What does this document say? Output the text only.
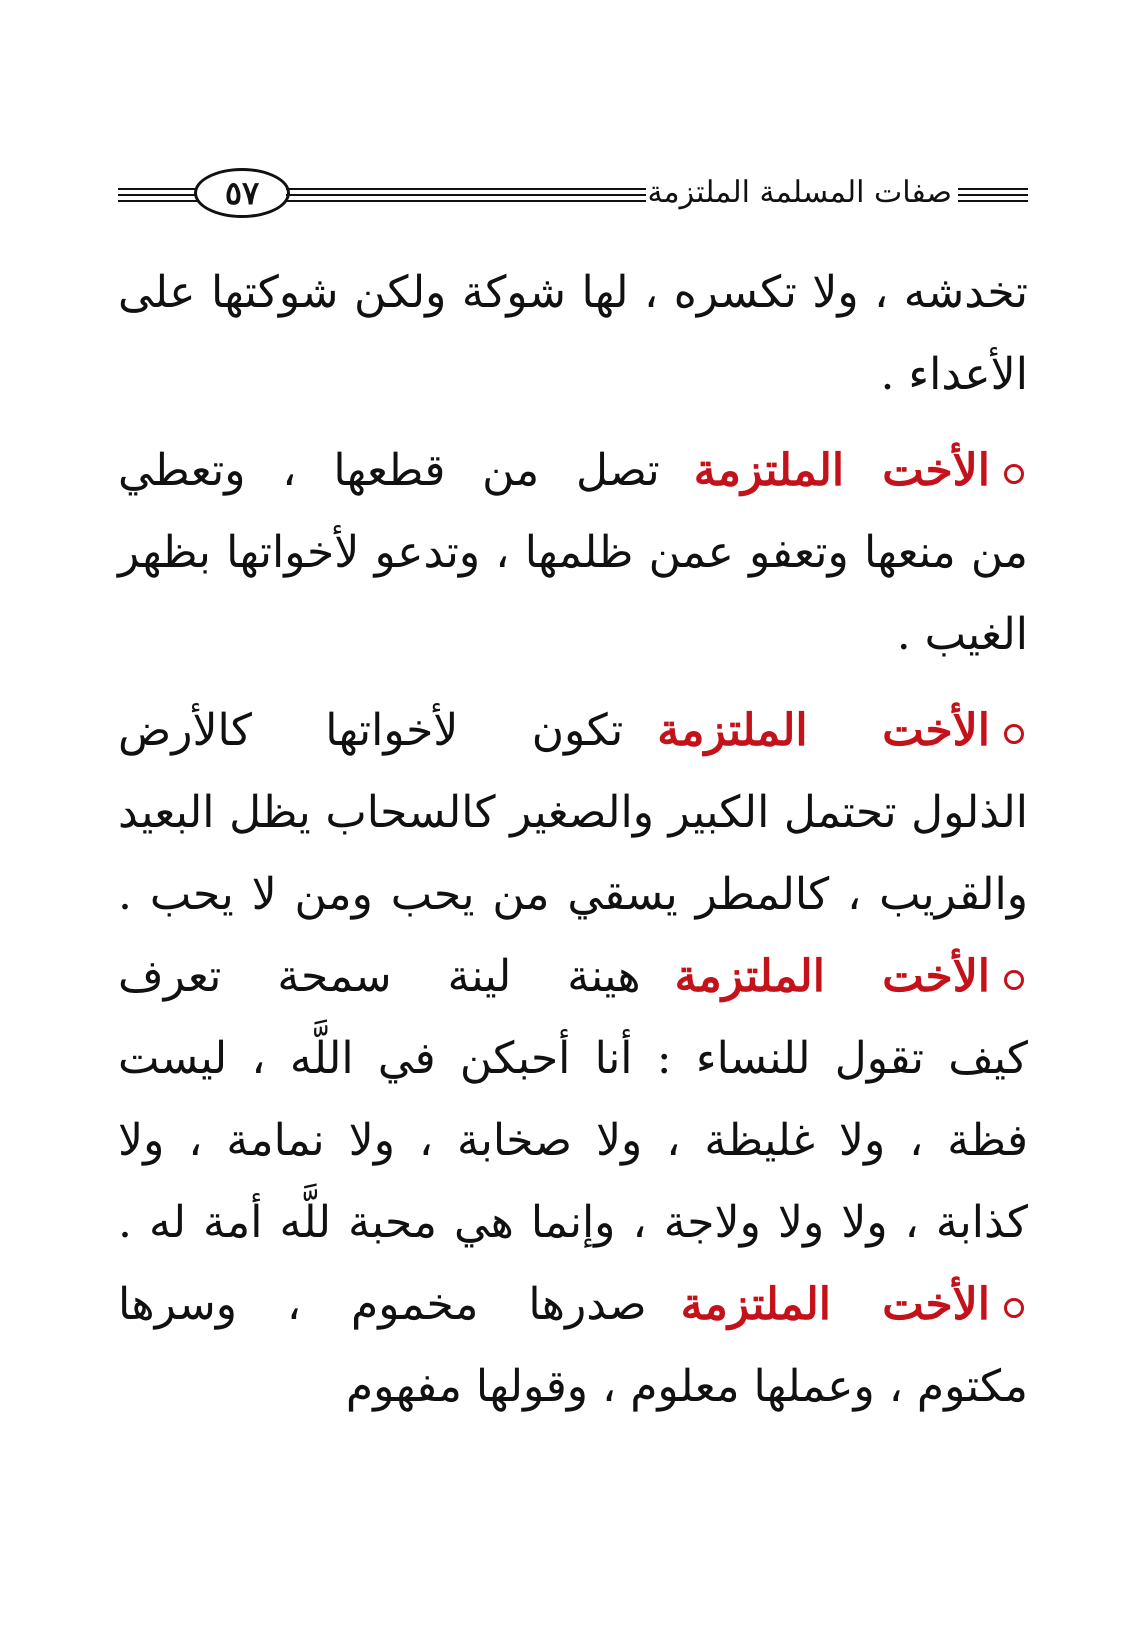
٥٧	صفات المسلمة الملتزمة
تخدشه ، ولا تكسره ، لها شوكة ولكن شوكتها على
الأعداء .
الأخت الملتزمةتصل من قطعها ، وتعطي
من منعها وتعفو عمن ظلمها ، وتدعو لأخواتها بظهر
الغيب .
الأخت الملتزمةتكون لأخواتها كالأرض
الذلول تحتمل الكبير والصغير كالسحاب يظل البعيد
والقريب ، كالمطر يسقي من يحب ومن لا يحب .
الأخت الملتزمةهينة لينة سمحة تعرف
كيف تقول للنساء : أنا أحبكن في اللَّه ، ليست
فظة ، ولا غليظة ، ولا صخابة ، ولا نمامة ، ولا
كذابة ، ولا ولا ولاجة ، وإنما هي محبة للَّه أمة له .
الأخت الملتزمةصدرها مخموم ، وسرها
مكتوم ، وعملها معلوم ، وقولها مفهوم
